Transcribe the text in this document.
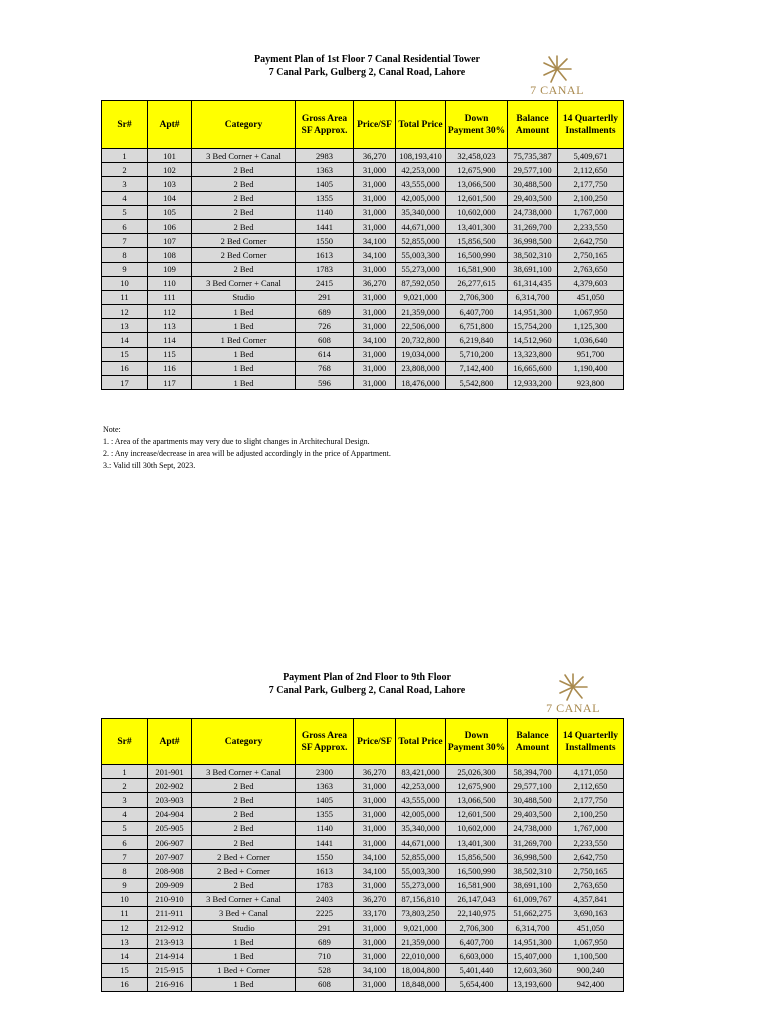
Payment Plan of 1st Floor 7 Canal Residential Tower
7 Canal Park, Gulberg 2, Canal Road, Lahore
7 CANAL
Sr#	Apt#	Category	Gross Area SF Approx.	Price/SF	Total Price	Down Payment 30%	Balance Amount	14 Quarterlly Installments
1	101	3 Bed Corner + Canal	2983	36,270	108,193,410	32,458,023	75,735,387	5,409,671
2	102	2 Bed	1363	31,000	42,253,000	12,675,900	29,577,100	2,112,650
3	103	2 Bed	1405	31,000	43,555,000	13,066,500	30,488,500	2,177,750
4	104	2 Bed	1355	31,000	42,005,000	12,601,500	29,403,500	2,100,250
5	105	2 Bed	1140	31,000	35,340,000	10,602,000	24,738,000	1,767,000
6	106	2 Bed	1441	31,000	44,671,000	13,401,300	31,269,700	2,233,550
7	107	2 Bed Corner	1550	34,100	52,855,000	15,856,500	36,998,500	2,642,750
8	108	2 Bed Corner	1613	34,100	55,003,300	16,500,990	38,502,310	2,750,165
9	109	2 Bed	1783	31,000	55,273,000	16,581,900	38,691,100	2,763,650
10	110	3 Bed Corner + Canal	2415	36,270	87,592,050	26,277,615	61,314,435	4,379,603
11	111	Studio	291	31,000	9,021,000	2,706,300	6,314,700	451,050
12	112	1 Bed	689	31,000	21,359,000	6,407,700	14,951,300	1,067,950
13	113	1 Bed	726	31,000	22,506,000	6,751,800	15,754,200	1,125,300
14	114	1 Bed Corner	608	34,100	20,732,800	6,219,840	14,512,960	1,036,640
15	115	1 Bed	614	31,000	19,034,000	5,710,200	13,323,800	951,700
16	116	1 Bed	768	31,000	23,808,000	7,142,400	16,665,600	1,190,400
17	117	1 Bed	596	31,000	18,476,000	5,542,800	12,933,200	923,800
Note:
1. : Area of the apartments may very due to slight changes in Architechural Design.
2. : Any increase/decrease in area will be adjusted accordingly in the price of Appartment.
3.: Valid till 30th Sept, 2023.
Payment Plan of 2nd Floor to 9th Floor
7 Canal Park, Gulberg 2, Canal Road, Lahore
7 CANAL
Sr#	Apt#	Category	Gross Area SF Approx.	Price/SF	Total Price	Down Payment 30%	Balance Amount	14 Quarterlly Installments
1	201-901	3 Bed Corner + Canal	2300	36,270	83,421,000	25,026,300	58,394,700	4,171,050
2	202-902	2 Bed	1363	31,000	42,253,000	12,675,900	29,577,100	2,112,650
3	203-903	2 Bed	1405	31,000	43,555,000	13,066,500	30,488,500	2,177,750
4	204-904	2 Bed	1355	31,000	42,005,000	12,601,500	29,403,500	2,100,250
5	205-905	2 Bed	1140	31,000	35,340,000	10,602,000	24,738,000	1,767,000
6	206-907	2 Bed	1441	31,000	44,671,000	13,401,300	31,269,700	2,233,550
7	207-907	2 Bed + Corner	1550	34,100	52,855,000	15,856,500	36,998,500	2,642,750
8	208-908	2 Bed + Corner	1613	34,100	55,003,300	16,500,990	38,502,310	2,750,165
9	209-909	2 Bed	1783	31,000	55,273,000	16,581,900	38,691,100	2,763,650
10	210-910	3 Bed Corner + Canal	2403	36,270	87,156,810	26,147,043	61,009,767	4,357,841
11	211-911	3 Bed + Canal	2225	33,170	73,803,250	22,140,975	51,662,275	3,690,163
12	212-912	Studio	291	31,000	9,021,000	2,706,300	6,314,700	451,050
13	213-913	1 Bed	689	31,000	21,359,000	6,407,700	14,951,300	1,067,950
14	214-914	1 Bed	710	31,000	22,010,000	6,603,000	15,407,000	1,100,500
15	215-915	1 Bed + Corner	528	34,100	18,004,800	5,401,440	12,603,360	900,240
16	216-916	1 Bed	608	31,000	18,848,000	5,654,400	13,193,600	942,400
